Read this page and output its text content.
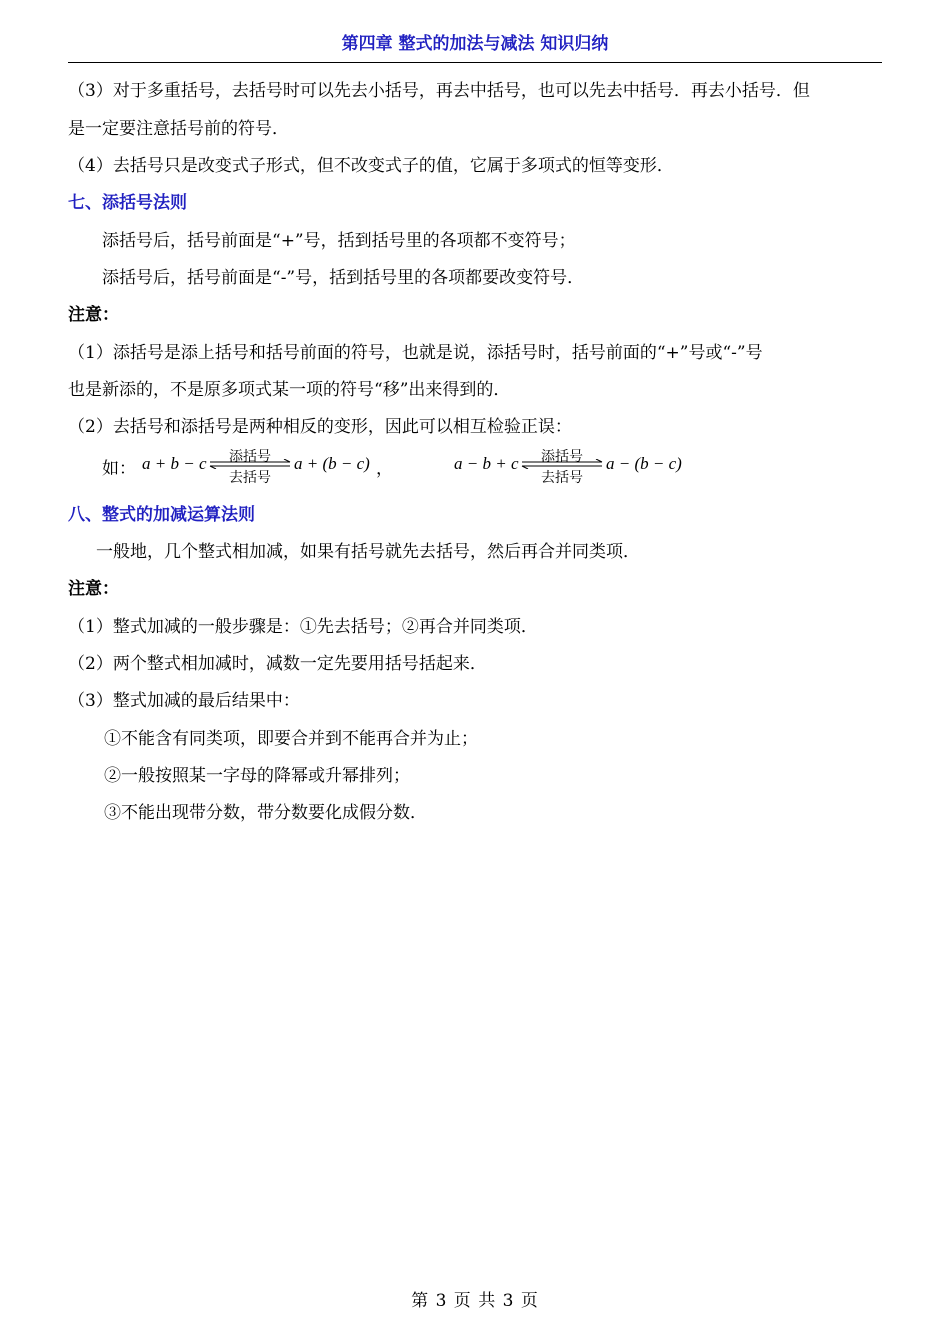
第四章 整式的加法与减法 知识归纳
（3）对于多重括号，去括号时可以先去小括号，再去中括号，也可以先去中括号．再去小括号．但
是一定要注意括号前的符号．
（4）去括号只是改变式子形式，但不改变式子的值，它属于多项式的恒等变形．
七、添括号法则
添括号后，括号前面是“+”号，括到括号里的各项都不变符号；
添括号后，括号前面是“-”号，括到括号里的各项都要改变符号．
注意：
（1）添括号是添上括号和括号前面的符号，也就是说，添括号时，括号前面的“+”号或“-”号
也是新添的，不是原多项式某一项的符号“移”出来得到的．
（2）去括号和添括号是两种相反的变形，因此可以相互检验正误：
如： a + b − c	添括号
去括号
a + (b − c) ，	a − b + c	添括号
去括号
a − (b − c)
八、整式的加减运算法则
一般地，几个整式相加减，如果有括号就先去括号，然后再合并同类项．
注意：
（1）整式加减的一般步骤是：①先去括号；②再合并同类项．
（2）两个整式相加减时，减数一定先要用括号括起来．
（3）整式加减的最后结果中：
①不能含有同类项，即要合并到不能再合并为止；
②一般按照某一字母的降幂或升幂排列；
③不能出现带分数，带分数要化成假分数．
第 3 页 共 3 页
